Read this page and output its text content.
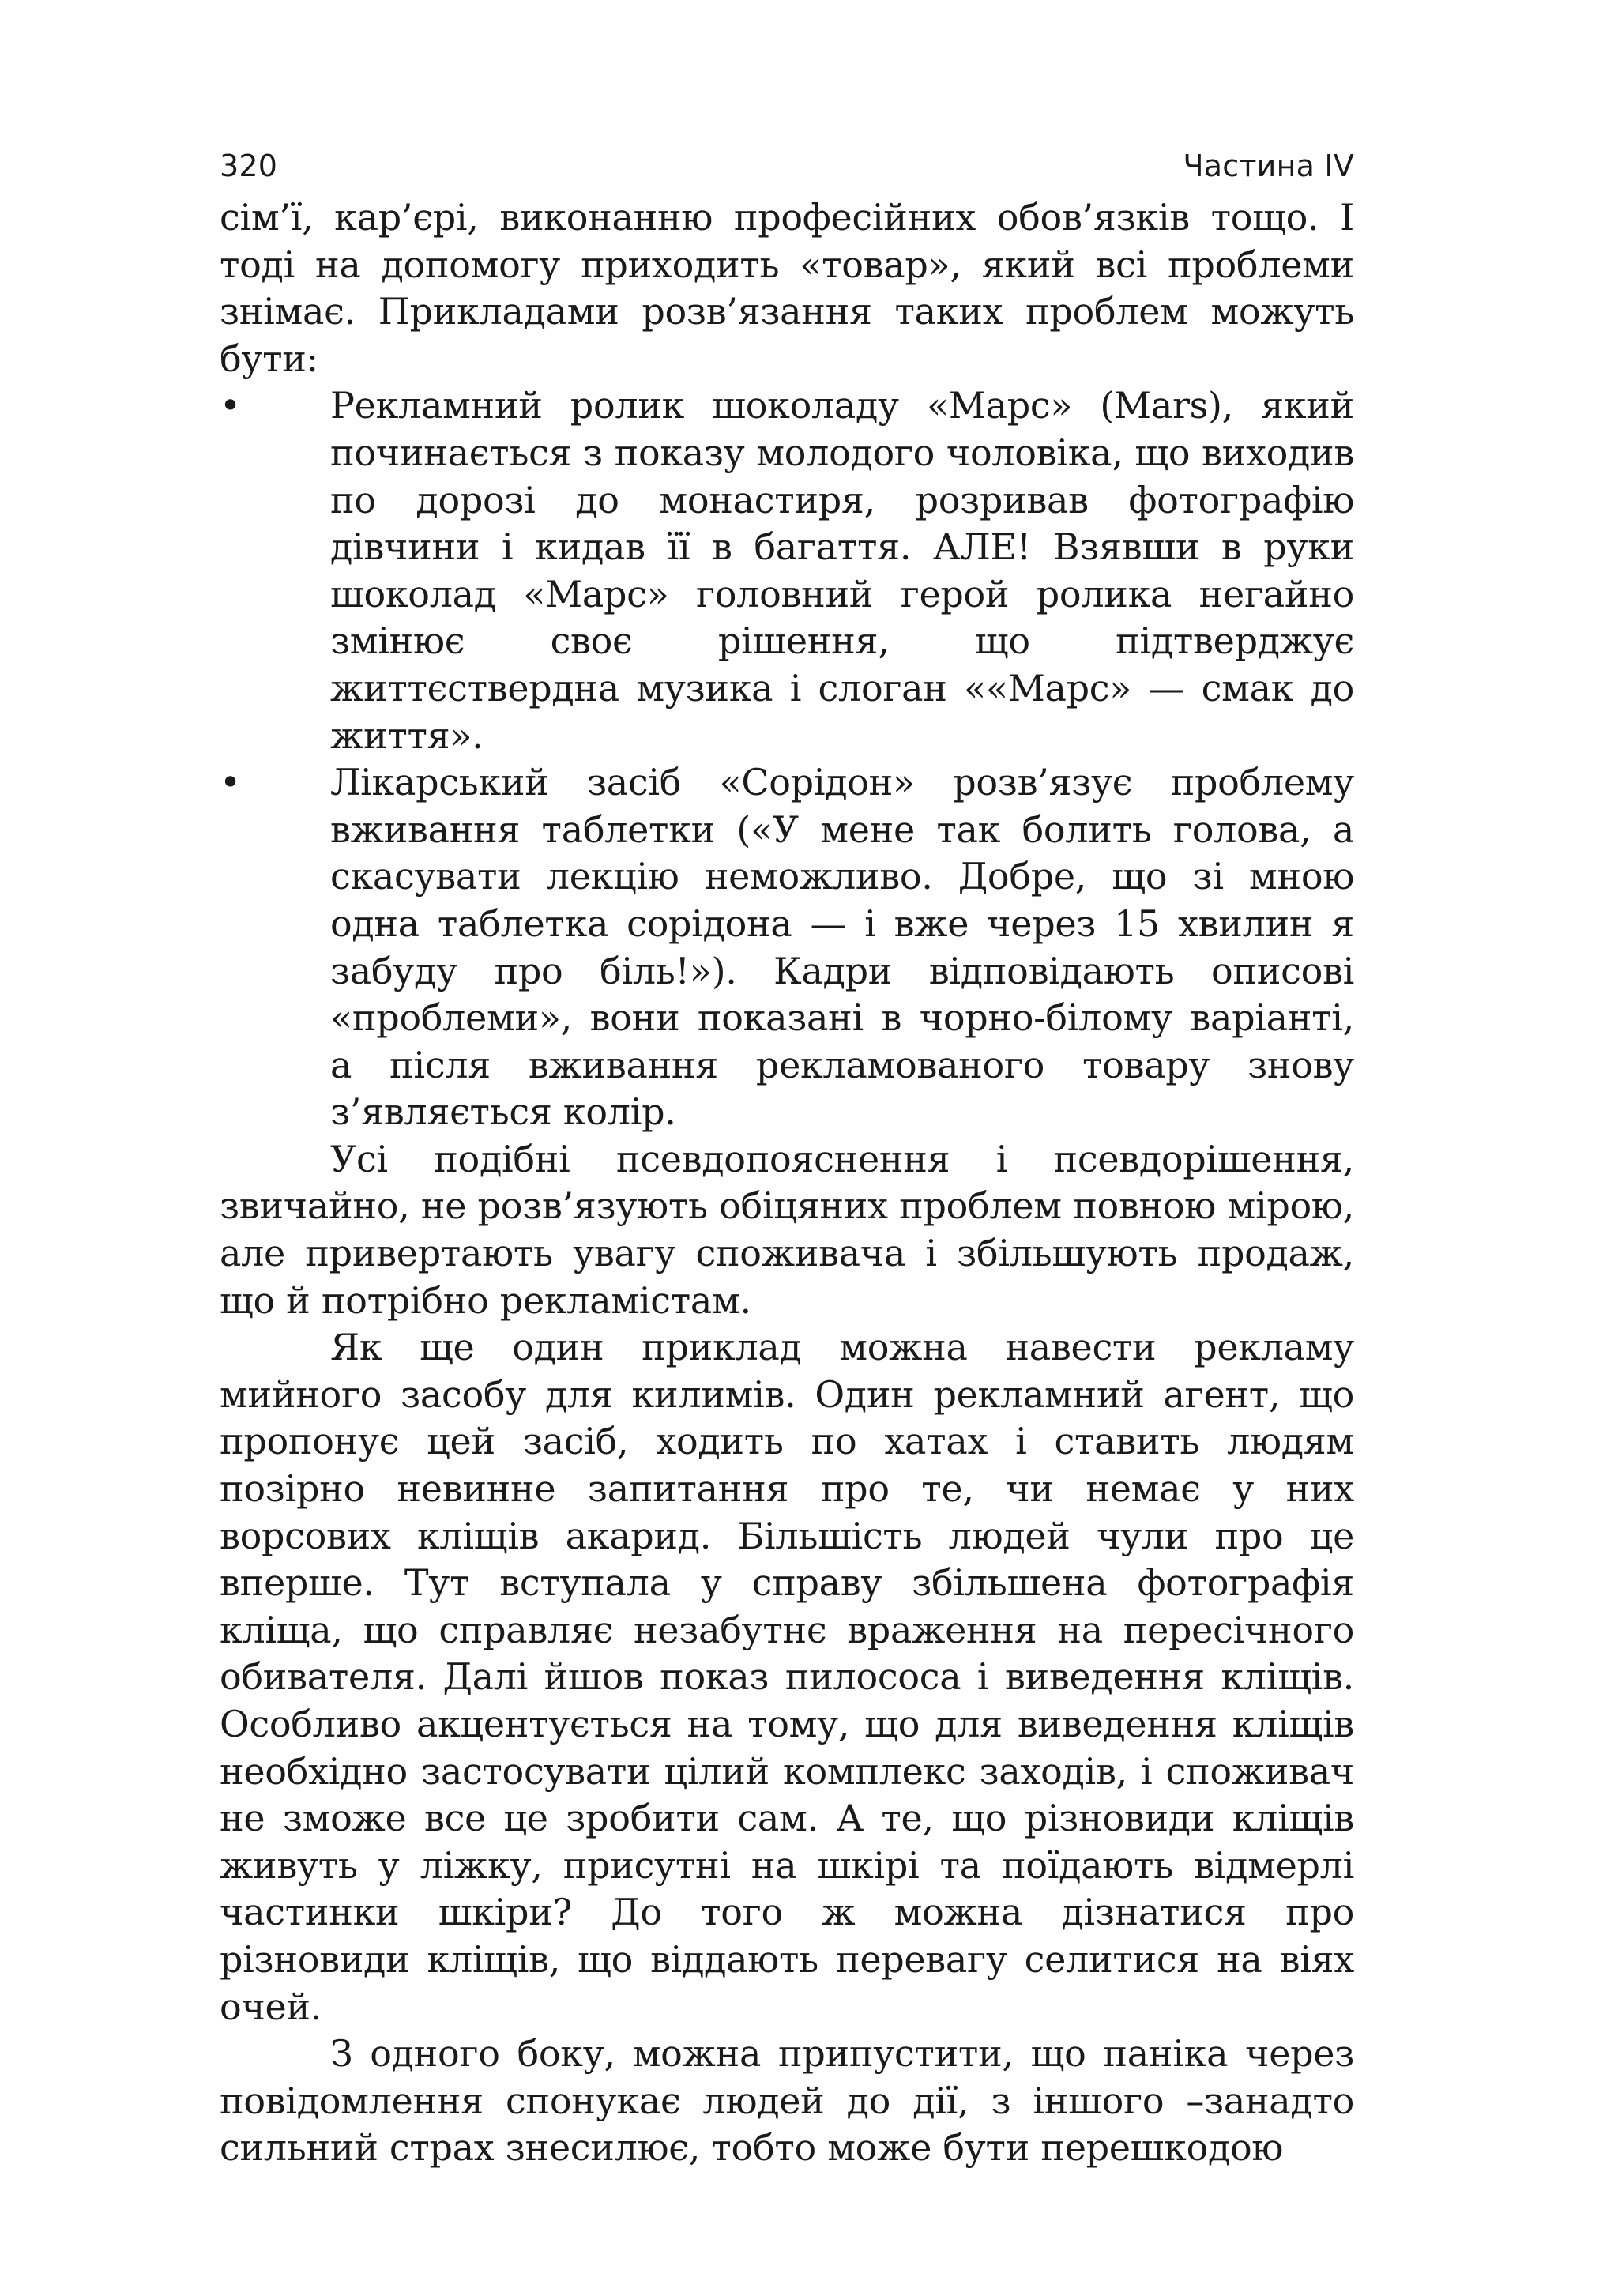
320	Частина IV

сім’ї, кар’єрі, виконанню професійних обов’язків тощо. І тоді на допомогу приходить «товар», який всі проблеми знімає. Прикладами розв’язання таких проблем можуть бути:

• Рекламний ролик шоколаду «Марс» (Mars), який починається з показу молодого чоловіка, що виходив по дорозі до монастиря, розривав фотографію дівчини і кидав її в багаття. АЛЕ! Взявши в руки шоколад «Марс» головний герой ролика негайно змінює своє рішення, що підтверджує життєствердна музика і слоган ««Марс» — смак до життя».
• Лікарський засіб «Сорідон» розв’язує проблему вживання таблетки («У мене так болить голова, а скасувати лекцію неможливо. Добре, що зі мною одна таблетка сорідона — і вже через 15 хвилин я забуду про біль!»). Кадри відповідають описові «проблеми», вони показані в чорно-білому варіанті, а після вживання рекламованого товару знову з’являється колір.

Усі подібні псевдопояснення і псевдорішення, звичайно, не розв’язують обіцяних проблем повною мірою, але привертають увагу споживача і збільшують продаж, що й потрібно рекламістам.

Як ще один приклад можна навести рекламу мийного засобу для килимів. Один рекламний агент, що пропонує цей засіб, ходить по хатах і ставить людям позірно невинне запитання про те, чи немає у них ворсових кліщів акарид. Більшість людей чули про це вперше. Тут вступала у справу збільшена фотографія кліща, що справляє незабутнє враження на пересічного обивателя. Далі йшов показ пилососа і виведення кліщів. Особливо акцентується на тому, що для виведення кліщів необхідно застосувати цілий комплекс заходів, і споживач не зможе все це зробити сам. А те, що різновиди кліщів живуть у ліжку, присутні на шкірі та поїдають відмерлі частинки шкіри? До того ж можна дізнатися про різновиди кліщів, що віддають перевагу селитися на віях очей.

З одного боку, можна припустити, що паніка через повідомлення спонукає людей до дії, з іншого –занадто сильний страх знесилює, тобто може бути перешкодою
